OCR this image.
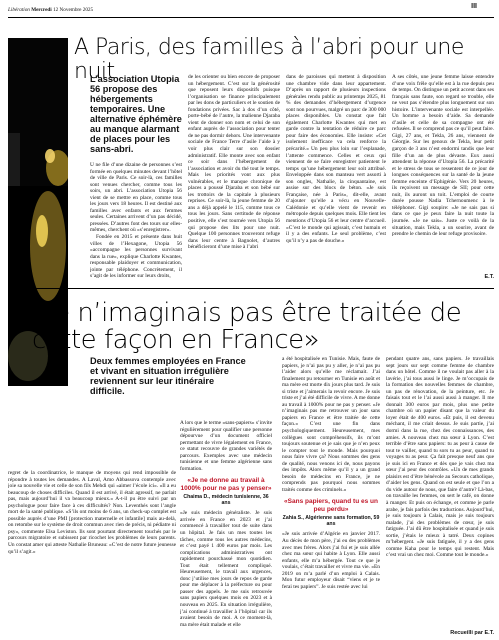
Libération
Mercredi
12 Novembre 2025	III
A Paris, des familles à l’abri pour une nuit
L’association Utopia 56 propose des hébergements temporaires. Une alternative éphémère au manque alarmant de places pour les sans-abri.

U ne file d’une dizaine de personnes s’est formée en quelques minutes devant l’hôtel de ville de Paris. Ce soir-là, ces familles sont venues chercher, comme tous les soirs, un abri. L’association Utopia 56 vient de se mettre en place, comme tous les jours vers 18 heures. Il est destiné aux familles avec enfants et aux femmes seules. Certaines arrivent d’un pas décidé, pressées. D’autres font des tours sur elles-mêmes, cherchent où «s’enregistrer».

Fondée en 2015 et présente dans huit villes de l’Hexagone, Utopia 56 «accompagne les personnes survivant dans la rue», explique Charlotte Kwantes, responsable plaidoyer et communication, jointe par téléphone. Concrètement, il s’agit de les informer sur leurs droits,

de les orienter ou bien encore de proposer un hébergement. C’est sur la générosité que reposent leurs dispositifs puisque l’organisation se finance principalement par les dons de particuliers et le soutien de fondations privées. Sac à dos d’un côté, porte-bébé de l’autre, la malienne Djaraba vient de donner son nom et celui de son enfant auprès de l’association pour tenter de ne pas dormir dehors. Une intervenante sociale de France Terre d’asile l’aide à y voir plus clair sur son dossier administratif. Elle monte avec son enfant ce soir dans l’hébergement de l’association et avoir du thé tout le temps. Mais les priorités vont aux plus vulnérables, et le manque chronique de places a poussé Djaraba et son bébé sur les trottoirs de la capitale à plusieurs reprises. Ce soir-là, la jeune femme de 20 ans a déjà appelé le 115, comme tous ce tous les jours. Sans certitude de réponse positive, elle s’est tournée vers Utopia 56 qui propose des lits pour une nuit. Quelque 100 personnes trouveront refuge dans leur centre à Bagnolet, d’autres bénéficieront d’une mise à l’abri
dans de paroisses qui mettent à disposition une chambre vide dans leur appartement. D’après un rapport de plusieurs inspections générales rendu public au printemps 2025, 81 % des demandes d’hébergement d’urgence sont non pourvues, malgré un parc de 300 000 places disponibles. Un constat que fait également Charlotte Kwantes qui met en garde contre la tentation de réduire ce parc pour faire des économies. Elle insiste: «Cet isolement inefficace va cela renforce la précarité.» Un peu plus loin sur l’esplanade, l’attente commence. Celles et ceux qui viennent de se faire enregistrer patientent le temps qu’une hébergement leur soit attribué. Enveloppée dans son manteau vert assorti à son ongles, Nathalie, la cinquantaine, est assise sur des blocs de béton. «Je suis Française, née à Paris», dit-elle, avant d’ajouter qu’elle a vécu en Nouvelle-Calédonie et qu’elle vient de revenir en métropole depuis quelques mois. Elle tient les mentions d’Utopia 56 et leur centre d’accueil. «C’est le monde qui agissait, c’est humain et il y a des enfants. Le seul problème, c’est qu’il n’y a pas de douche.»
A ses côtés, une jeune femme laisse entendre d’une voix frêle qu’elle est à la rue depuis peu de temps. On distingue un petit accent dans ses français sans faute, son regard se trouble, elle ne veut pas s’étendre plus longuement sur son histoire. L’intervenante sociale est interpellée. Un homme a besoin d’aide. Sa demande d’asile et celle de sa compagne ont été refusées. Il se comprend pas ce qu’il peut faire. Gigi, 27 ans, et Tekla, 26 ans, viennent de Géorgie. Sur les genoux de Tekla, leur petit garçon de 3 ans n’est endormi tandis que leur fille d’un an de plus dévaste. Eux aussi attendent la réponse d’Utopia 56. La précarité et le stress de tous se ressentent de ce jour de longues conséquences sur la santé de la jeune femme enceinte d’Ephigénie. Vers 20 heures, ils reçoivent un message de SII; pour cette nuit, ils auront un toit. L’emploi de courte durée pousse Nadia Tchernoumenc à le téléphoner. Gigi soupire: «Je ne sais pas si dans ce que je peux faire la nuit toute la journée. «Je ne sais». Juste ce voilà de la situation, mais Tekla, a un sourire, avant de prendre le chemin de leur refuge provisoire.
E.T.
«Je n’imaginais pas être traitée de cette façon en France»
Deux femmes employées en France et vivant en situation irrégulière reviennent sur leur itinéraire difficile.
regret de la coordinatrice, le manque de moyens qui rend impossible de répondre à toutes les demandes. A Laval, Amo Abbassova contemple avec joie sa nouvelle vie et celle de son fils Mehdi qui «aimer l’école ici». «Il a eu beaucoup de choses difficiles. Quand il est arrivé, il était agressif, ne parlait pas, mais aujourd’hui il va beaucoup mieux.» A-t-il pu être suivi par un psychologue pour faire face à ces difficultés? Non. Leventhés sont l’angle mort de la santé publique. «S’ils ont moins de 6 ans, un check-up complet est possible auprès d’une PMI [protection maternelle et infantile] mais au-delà, on retombe sur le système de droit commun avec rien de précis, ni pédiatre ni psy», commente Elsa Leviston. Ils sont pourtant directement touchés par le parcours migratoire et subissent par ricochet les problèmes de leurs parents. Un constat amer qui atteste Nathalie Bruneau: «C’est de notre future jeunesse qu’il s’agit.»

A lors que le terme «sans-papiers» s’invite régulièrement pour qualifier une personne dépourvue d’un document officiel permettant de vivre légalement en France, ce statut recouvre de grandes variétés de parcours. Exemples avec une médecin tunisienne et une femme algérienne sans formation.

«Je ne donne au travail à 1000% pour ne pas y penser»
Chaima D., médecin tunisienne, 36 ans

«Je suis médecin généraliste. Je suis arrivée en France en 2023 et j’ai commencé à travailler tout de suite dans un hôpital. Je fais un mes toutes les tâches, comme tous les autres médecins, et c’est payé 1 400 euros par mois. Les complications administratives ont rapidement pourchassé mon quotidien. Tout était tellement compliqué. Heureusement, le travail aux urgences, donc j’utilise mes jours de repos de garde pour me déplacer à la préfecture ou pour passer des appels. Je me suis retrouvée sans papiers quelques mois en 2023 et à nouveau en 2025. En situation irrégulière, j’ai continué à travailler à l’hôpital car ils avaient besoin de moi. A ce moment-là, ma mère était malade et elle

a été hospitalisée en Tunisie. Mais, faute de papiers, je n’ai pas pu y aller, je n’ai pas pu l’aider alors qu’elle me réclamait. J’ai finalement pu retourner en Tunisie en août et ma mère est morte dix jours plus tard. Je suis si triste et j’aimerais la revoir encore. Je suis triste et j’ai été difficile de vivre. A me donne au travail à 1000% pour ne pas y penser. «Je n’imaginais pas me retrouver un jour sans papiers en France et être traitée de cette façon.» C’est une fin dans psychologiquement. Heureusement, mes collègues sont compréhensifs, ils m’ont toujours soutenue et je sais que je n’en peux le compter tout le monde. Mais pourquoi nous faire vivre ça? Nous sommes des gens de qualité, nous venons ici de, nous payons des impôts. Alors même qu’il y a un grand besoin de médecins en France, je ne comprends pas pourquoi nous sommes traités comme des criminels.»

«Sans papiers, quand tu es un peu perdu»
Zahia S., Algérienne sans formation, 59 ans

«Je suis arrivée d’Algérie en janvier 2017. Au décès de mon père, j’ai eu des problèmes avec mes frères. Alors j’ai fui et je suis allée chez ma sœur qui habite à Lyon. Elle aussi enfants, elle m’a hébergée. Tout ce que je voulais, c’était travailler et vivre ma vie. «En 2019 on m’a parlé d’un emploi à Calais. Mon futur employeur disait “viens et je te ferai tes papiers”. Je suis restée avec lui

pendant quatre ans, sans papiers. Je travaillais sept jours sur sept comme femme de chambre dans un hôtel. Comme il ne voulait pas aller à la lavérie, j’ai tous aussi le linge. Je m’occupais de la formation des nouvelles femmes de chambre, un pas de rénovation, de la peinture, etc. Je faisais tout et le l’ai aussi aussi à manger. Il me donnait 300 euros par mois, plus une petite chambre où un papier disant que la valeur du loyer était de 400 euros. «Et puis, il est devenu méchant, il me criait dessus. Je suis partie, j’ai dormi dans la rue, chez des connaissances, des amies. A nouveau chez ma sœur à Lyon. C’est terrible d’être sans papiers: tu as peur à cause de tout te vailler, quand tu sors tu as peur, quand tu voyages tu as peur. Ça fait presque neuf ans que je suis ici en France et dès que je vais chez ma sœur j’ai peur des contrôles. «Un de mes grands plaisirs est d’être bénévole au Secours catholique, d’aider les gens. Quand on est seule et que l’on a du vide autour de nous, que faire d’autre? Là-bas, on travaille les femmes, on sert le café, on donne à manger. Et puis on échange, et comme je parle arabe, je fais parfois des traductions. Aujourd’hui, je suis toujours à Calais, mais je suis toujours malade, j’ai des problèmes de cœur, je suis fatiguée. J’ai dû être hospitalisée et quand je suis sortie, j’étais le mieux à tatré. Deux copines m’hébergent. «Je suis fatiguée, il y a des gens comme Kaha pour le temps qui restent. Mais c’est vrai un chez moi. Comme tout le monde.»
Recueilli par E.T.
